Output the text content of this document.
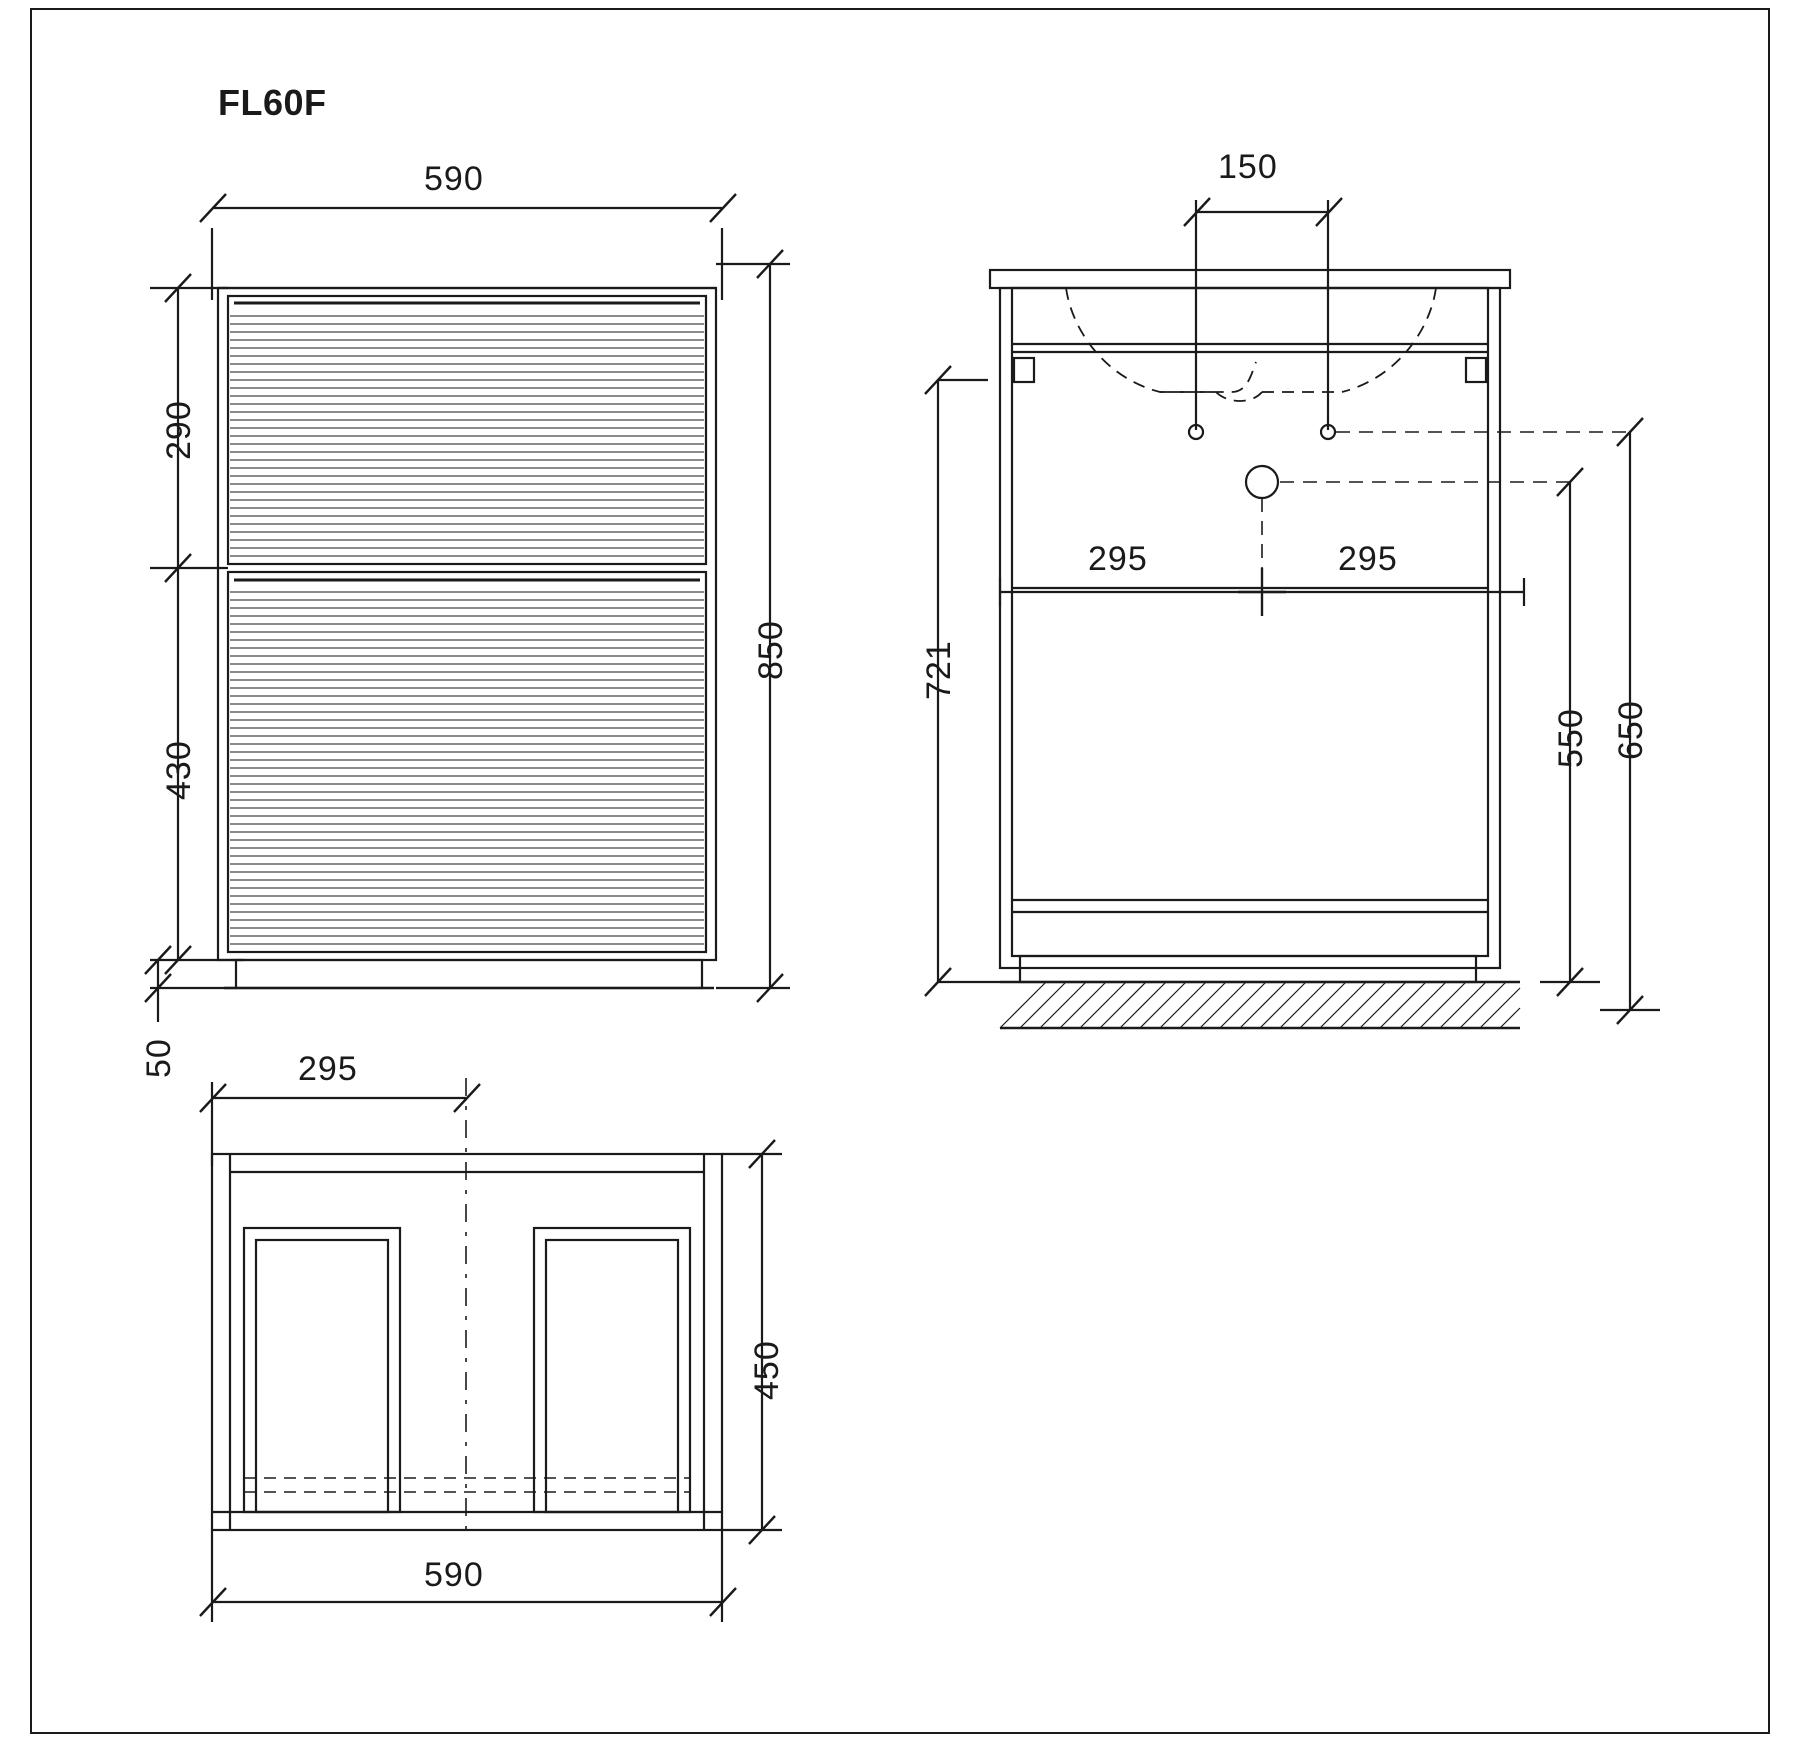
FL60F
590
290
430
50
850
150
295	295
721
550 650
295
450
590
